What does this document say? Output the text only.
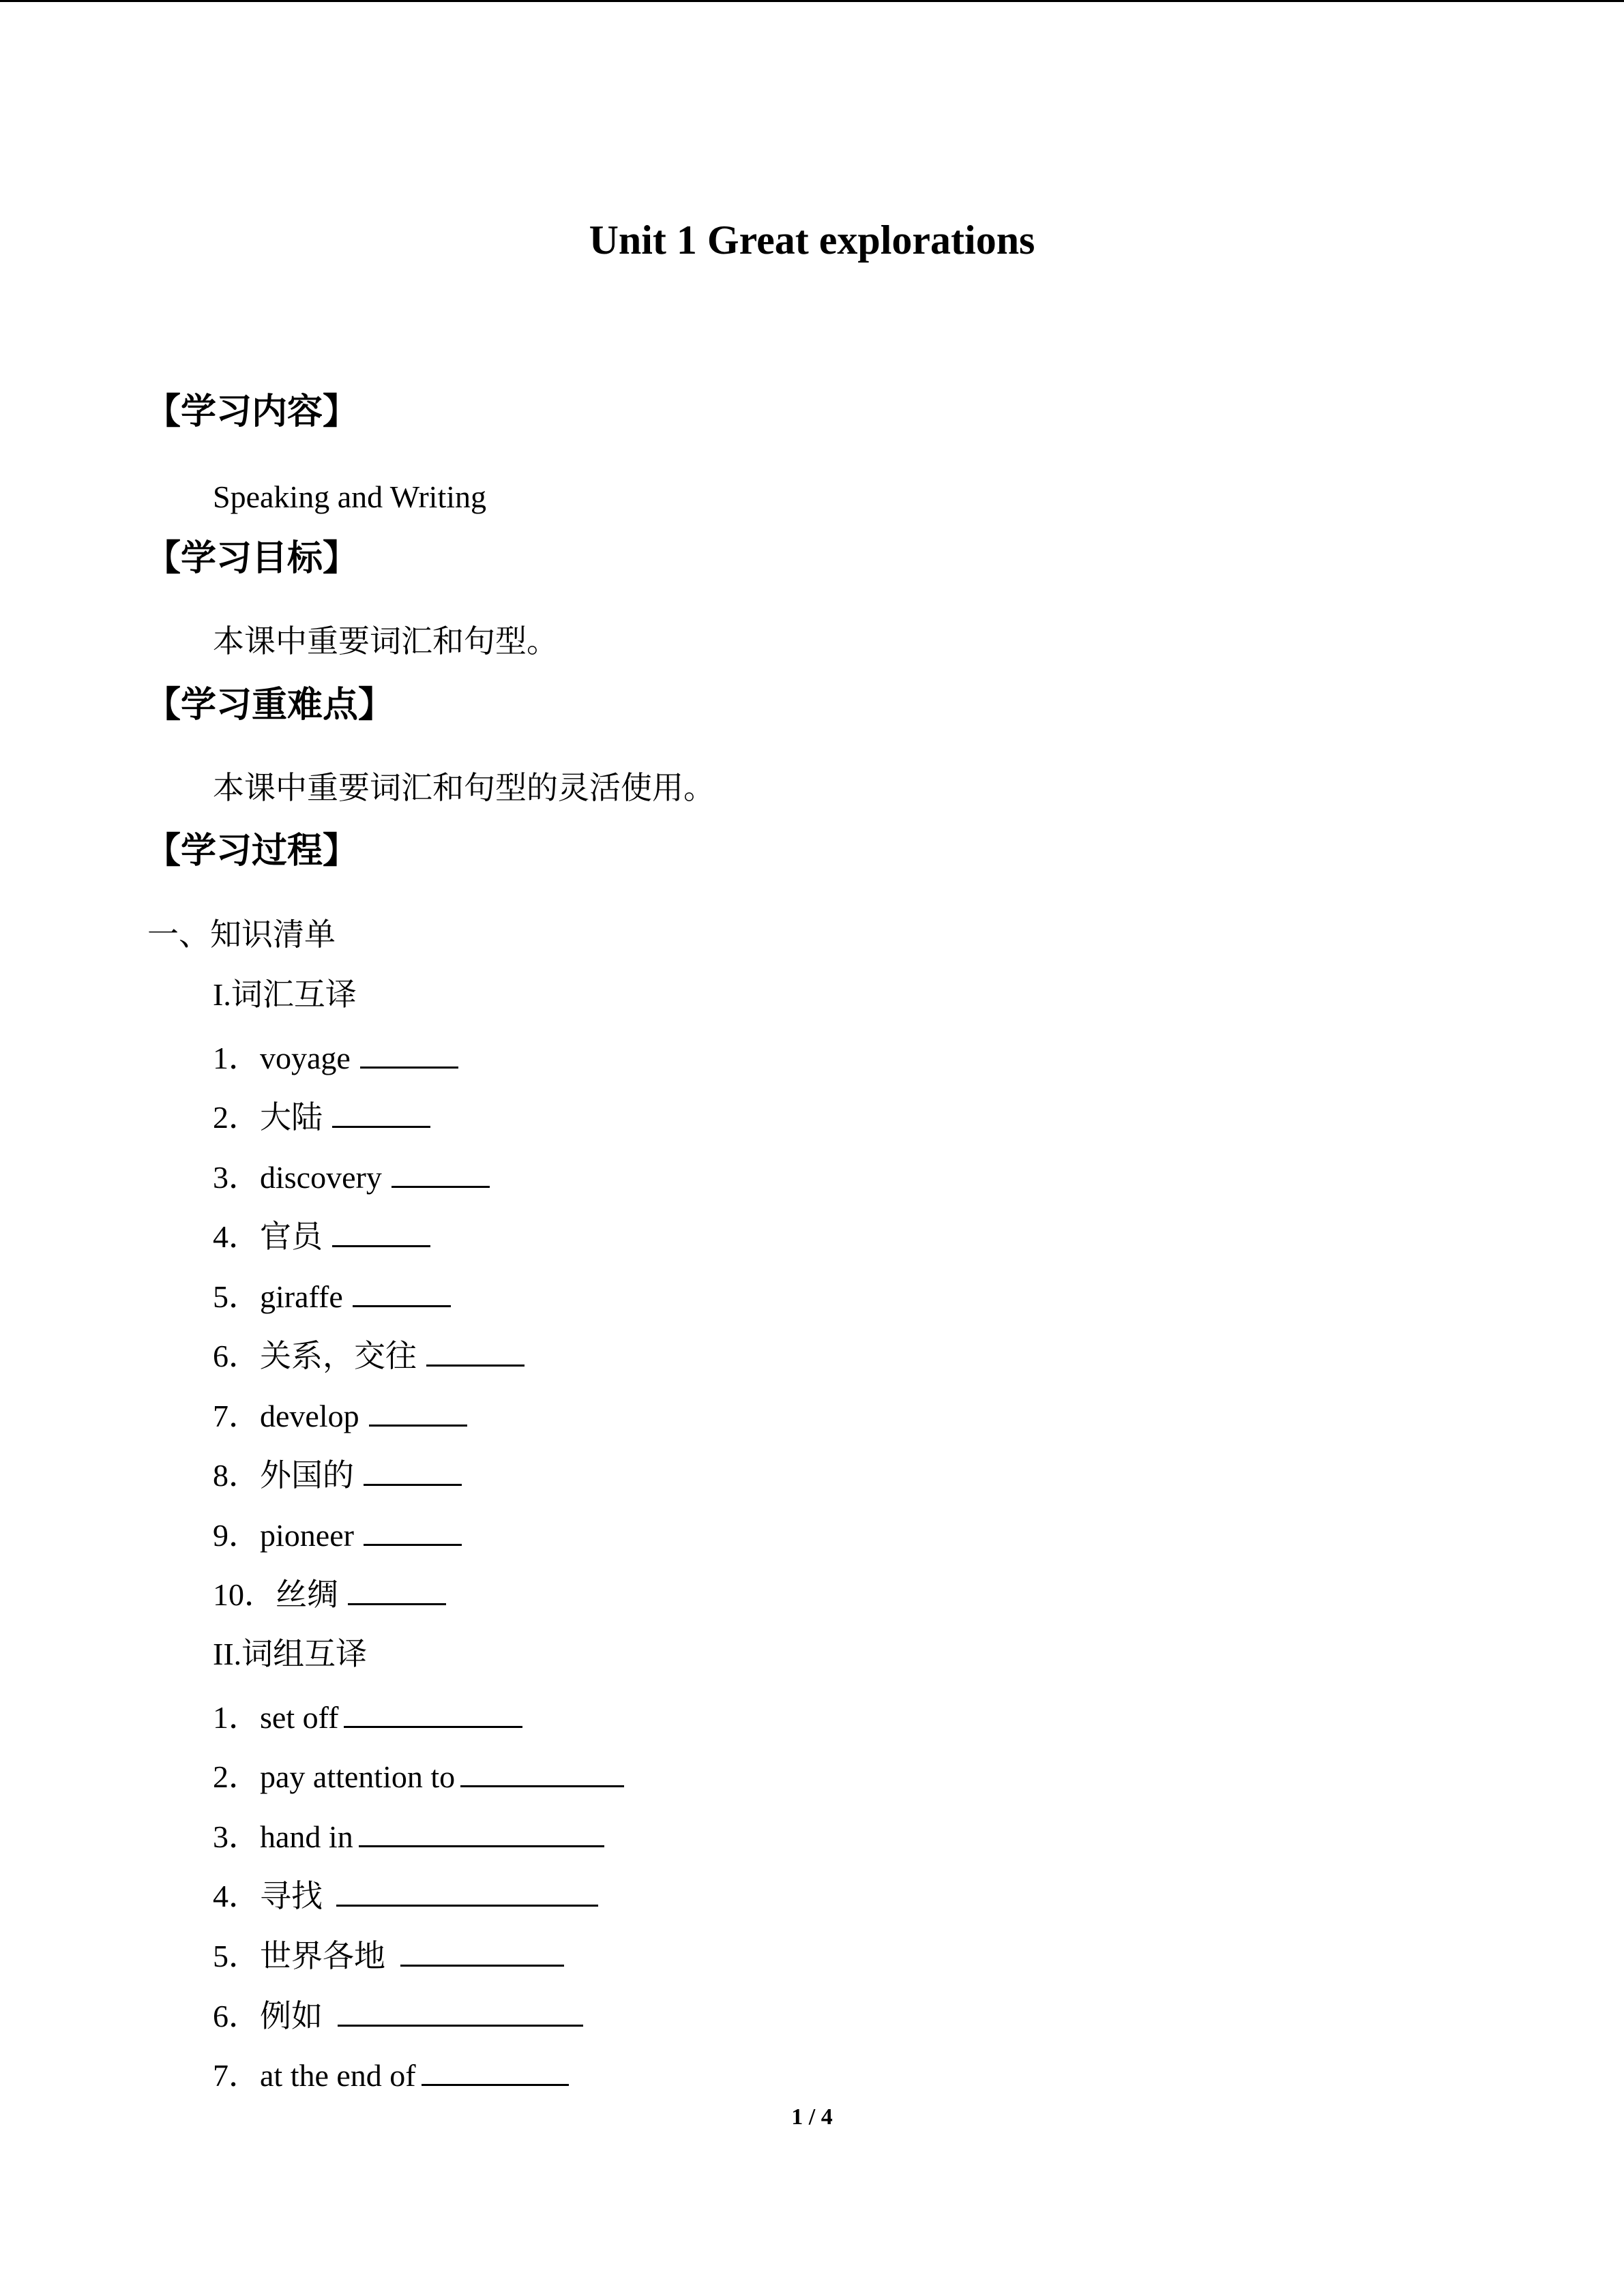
Unit 1 Great explorations
【学习内容】
Speaking and Writing
【学习目标】
本课中重要词汇和句型。
【学习重难点】
本课中重要词汇和句型的灵活使用。
【学习过程】
一、知识清单
I.词汇互译
1．voyage
2．大陆
3．discovery
4．官员
5．giraffe
6．关系，交往
7．develop
8．外国的
9．pioneer
10．丝绸
II.词组互译
1．set off
2．pay attention to
3．hand in
4．寻找
5．世界各地
6．例如
7．at the end of
1 / 4
